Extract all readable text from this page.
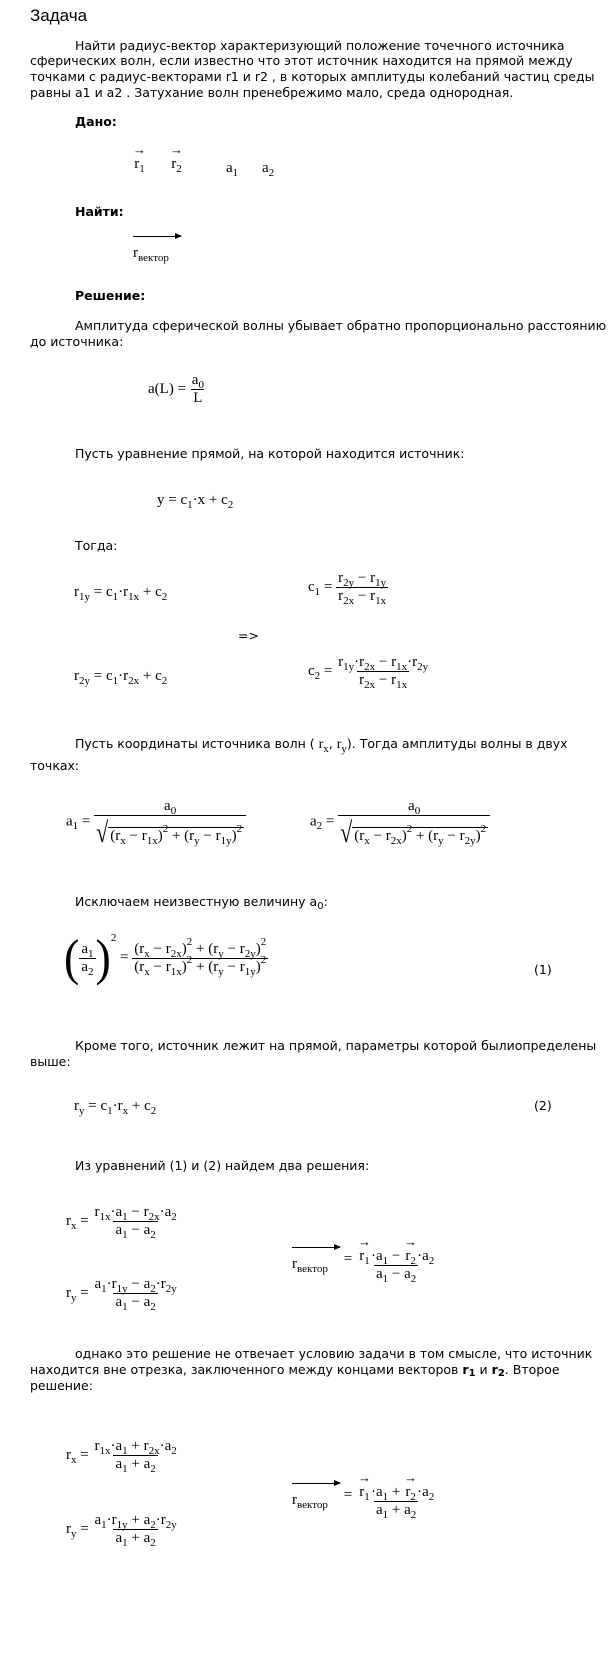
Задача
Найти радиус-вектор характеризующий положение точечного источника
сферических волн, если известно что этот источник находится на прямой между
точками с радиус-векторами r1 и r2 , в которых амплитуды колебаний частиц среды
равны a1 и a2 . Затухание волн пренебрежимо мало, среда однородная.
Дано:
→
$r_1$
→
$r_2$	$a_1$ $a_2$
Найти:
$r_{вектор}$
Решение:
Амплитуда сферической волны убывает обратно пропорционально расстоянию
до источника:
$a(L) = \frac{a_0}{L}$
Пусть уравнение прямой, на которой находится источник:
$y = c_1\cdot x + c_2$
Тогда:
$r_{1y} = c_1\cdot r_{1x} + c_2$
$c_1 = \frac{r_{2y} - r_{1y}}{r_{2x} - r_{1x}}$
=>
$r_{2y} = c_1\cdot r_{2x} + c_2$
$c_2 = \frac{r_{1y}\cdot r_{2x} - r_{1x}\cdot r_{2y}}{r_{2x} - r_{1x}}$
Пусть координаты источника волн ( $r_x$, $r_y$). Тогда амплитуды волны в двух
точках:
$a_1 = \frac{a_0}{√ (r_x - r_{1x})^2 + (r_y - r_{1y})^2}$	$a_2 = \frac{a_0}{√ (r_x - r_{2x})^2 + (r_y - r_{2y})^2}$
Исключаем неизвестную величину $a_0$:
( $\frac{a_1}{a_2} )^2 = \frac{(r_x - r_{2x})^2 + (r_y - r_{2y})^2}{(r_x - r_{1x})^2 + (r_y - r_{1y})^2}$	(1)
Кроме того, источник лежит на прямой, параметры которой былиопределены
выше:
$r_y = c_1\cdot r_x + c_2$	(2)
Из уравнений (1) и (2) найдем два решения:
$r_x = \frac{r_{1x}\cdot a_1 - r_{2x}\cdot a_2}{a_1 - a_2}$
$r_y = \frac{a_1\cdot r_{1y} - a_2\cdot r_{2y}}{a_1 - a_2}$
$r_{вектор}$ = →
$r_1 \cdot a_1$ −
→
$r_2 \cdot a_2$
$a_1 - a_2$
однако это решение не отвечает условию задачи в том смысле, что источник
находится вне отрезка, заключенного между концами векторов r1 и r2. Второе
решение:
$r_x = \frac{r_{1x}\cdot a_1 + r_{2x}\cdot a_2}{a_1 + a_2}$
$r_y = \frac{a_1\cdot r_{1y} + a_2\cdot r_{2y}}{a_1 + a_2}$
$r_{вектор}$ = →
$r_1 \cdot a_1$ +
→
$r_2 \cdot a_2$
$a_1 + a_2$
